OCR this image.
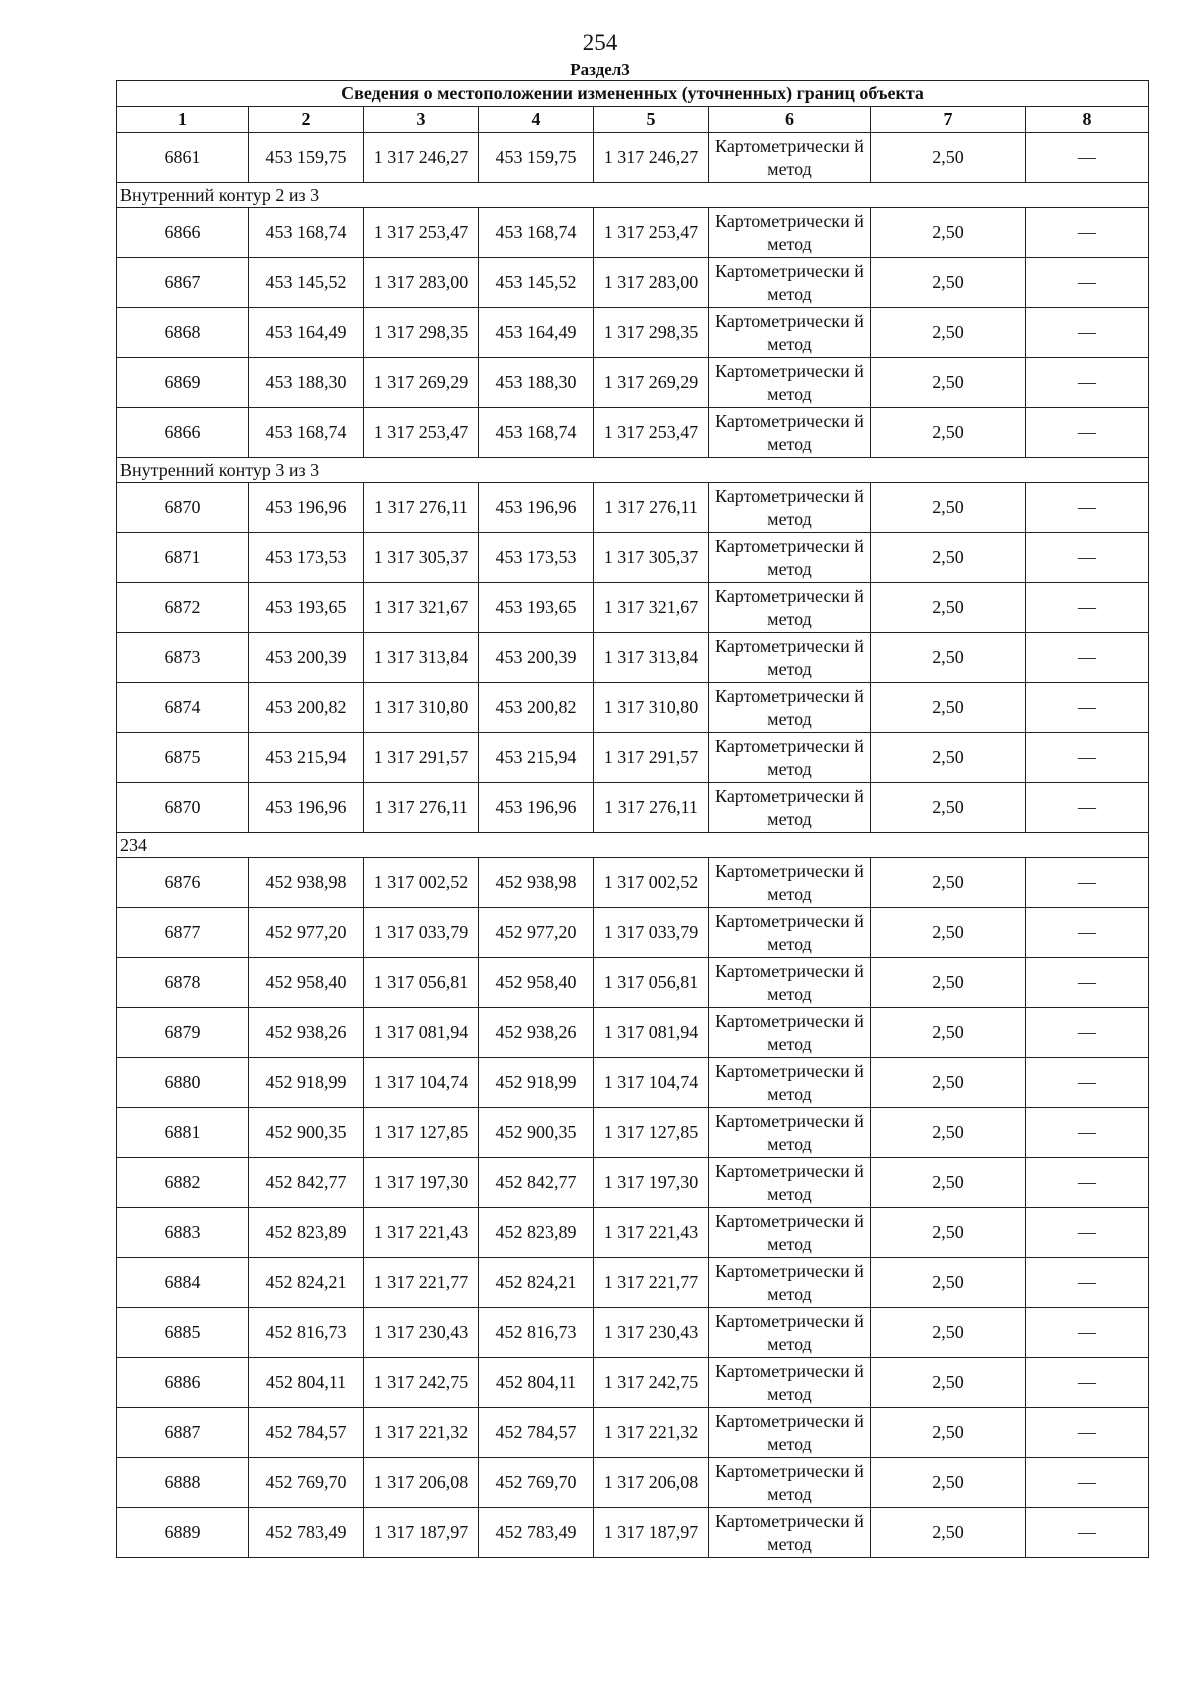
254
Раздел3
Сведения о местоположении измененных (уточненных) границ объекта							
1	2	3	4	5	6	7	8
6861	453 159,75	1 317 246,27	453 159,75	1 317 246,27	Картометрически й метод	2,50	—
Внутренний контур 2 из 3							
6866	453 168,74	1 317 253,47	453 168,74	1 317 253,47	Картометрически й метод	2,50	—
6867	453 145,52	1 317 283,00	453 145,52	1 317 283,00	Картометрически й метод	2,50	—
6868	453 164,49	1 317 298,35	453 164,49	1 317 298,35	Картометрически й метод	2,50	—
6869	453 188,30	1 317 269,29	453 188,30	1 317 269,29	Картометрически й метод	2,50	—
6866	453 168,74	1 317 253,47	453 168,74	1 317 253,47	Картометрически й метод	2,50	—
Внутренний контур 3 из 3							
6870	453 196,96	1 317 276,11	453 196,96	1 317 276,11	Картометрически й метод	2,50	—
6871	453 173,53	1 317 305,37	453 173,53	1 317 305,37	Картометрически й метод	2,50	—
6872	453 193,65	1 317 321,67	453 193,65	1 317 321,67	Картометрически й метод	2,50	—
6873	453 200,39	1 317 313,84	453 200,39	1 317 313,84	Картометрически й метод	2,50	—
6874	453 200,82	1 317 310,80	453 200,82	1 317 310,80	Картометрически й метод	2,50	—
6875	453 215,94	1 317 291,57	453 215,94	1 317 291,57	Картометрически й метод	2,50	—
6870	453 196,96	1 317 276,11	453 196,96	1 317 276,11	Картометрически й метод	2,50	—
234							
6876	452 938,98	1 317 002,52	452 938,98	1 317 002,52	Картометрически й метод	2,50	—
6877	452 977,20	1 317 033,79	452 977,20	1 317 033,79	Картометрически й метод	2,50	—
6878	452 958,40	1 317 056,81	452 958,40	1 317 056,81	Картометрически й метод	2,50	—
6879	452 938,26	1 317 081,94	452 938,26	1 317 081,94	Картометрически й метод	2,50	—
6880	452 918,99	1 317 104,74	452 918,99	1 317 104,74	Картометрически й метод	2,50	—
6881	452 900,35	1 317 127,85	452 900,35	1 317 127,85	Картометрически й метод	2,50	—
6882	452 842,77	1 317 197,30	452 842,77	1 317 197,30	Картометрически й метод	2,50	—
6883	452 823,89	1 317 221,43	452 823,89	1 317 221,43	Картометрически й метод	2,50	—
6884	452 824,21	1 317 221,77	452 824,21	1 317 221,77	Картометрически й метод	2,50	—
6885	452 816,73	1 317 230,43	452 816,73	1 317 230,43	Картометрически й метод	2,50	—
6886	452 804,11	1 317 242,75	452 804,11	1 317 242,75	Картометрически й метод	2,50	—
6887	452 784,57	1 317 221,32	452 784,57	1 317 221,32	Картометрически й метод	2,50	—
6888	452 769,70	1 317 206,08	452 769,70	1 317 206,08	Картометрически й метод	2,50	—
6889	452 783,49	1 317 187,97	452 783,49	1 317 187,97	Картометрически й метод	2,50	—
